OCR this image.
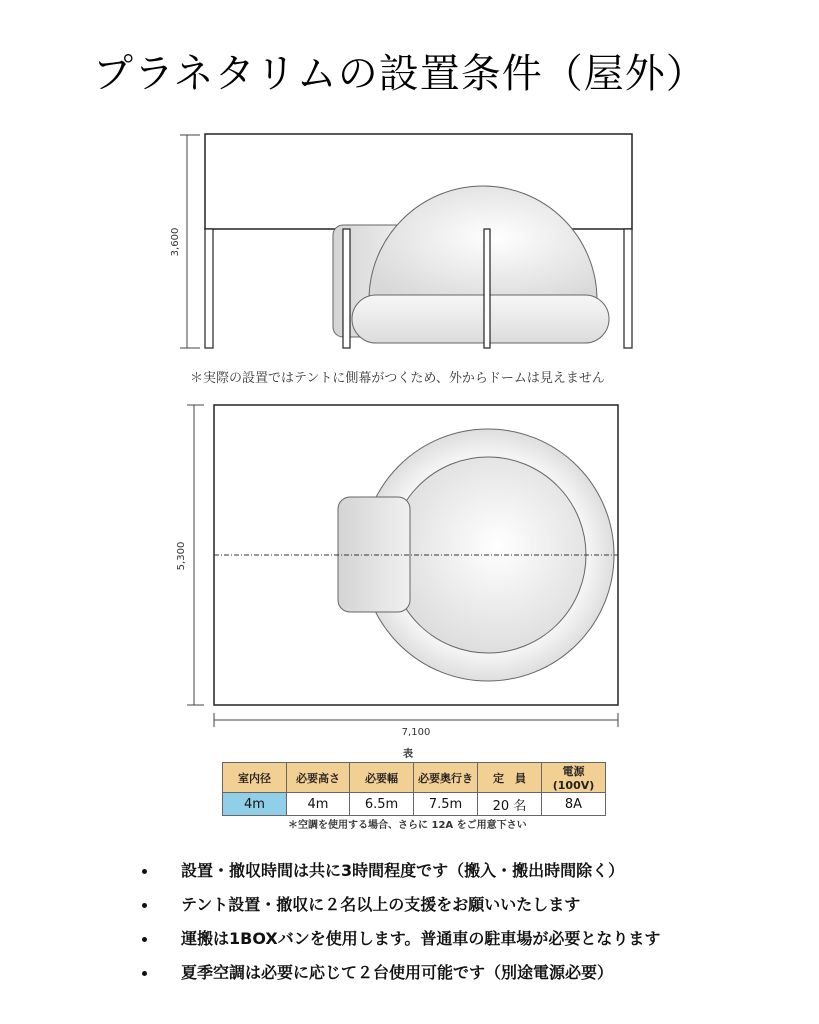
プラネタリムの設置条件（屋外）
3,600
5,300
7,100
＊実際の設置ではテントに側幕がつくため、外からドームは見えません
表
室内径	必要高さ	必要幅	必要奥行き	定　員	電源 (100V)
4m	4m	6.5m	7.5m	20 名	8A
＊空調を使用する場合、さらに 12A をご用意下さい
設置・撤収時間は共に3時間程度です（搬入・搬出時間除く）
テント設置・撤収に２名以上の支援をお願いいたします
運搬は1BOXバンを使用します。普通車の駐車場が必要となります
夏季空調は必要に応じて２台使用可能です（別途電源必要）
